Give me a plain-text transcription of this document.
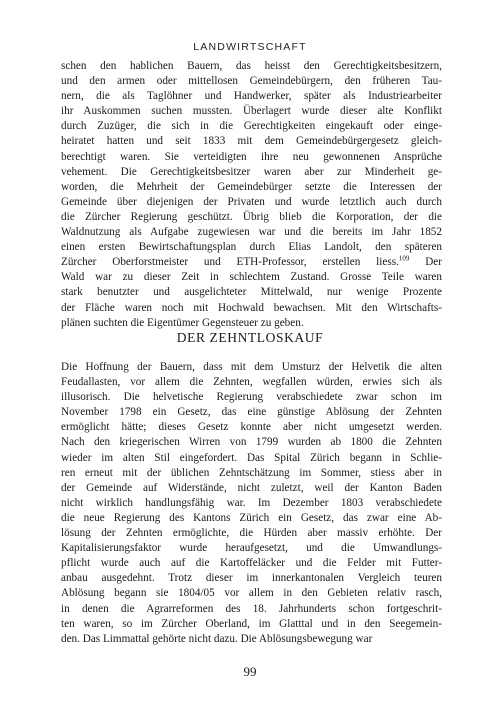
LANDWIRTSCHAFT
schen den hablichen Bauern, das heisst den Gerechtigkeitsbesitzern,
und den armen oder mittellosen Gemeindebürgern, den früheren Tau-
nern, die als Taglöhner und Handwerker, später als Industriearbeiter
ihr Auskommen suchen mussten. Überlagert wurde dieser alte Konflikt
durch Zuzüger, die sich in die Gerechtigkeiten eingekauft oder einge-
heiratet hatten und seit 1833 mit dem Gemeindebürgergesetz gleich-
berechtigt waren. Sie verteidigten ihre neu gewonnenen Ansprüche
vehement. Die Gerechtigkeitsbesitzer waren aber zur Minderheit ge-
worden, die Mehrheit der Gemeindebürger setzte die Interessen der
Gemeinde über diejenigen der Privaten und wurde letztlich auch durch
die Zürcher Regierung geschützt. Übrig blieb die Korporation, der die
Waldnutzung als Aufgabe zugewiesen war und die bereits im Jahr 1852
einen ersten Bewirtschaftungsplan durch Elias Landolt, den späteren
Zürcher Oberforstmeister und ETH-Professor, erstellen liess.$^{109}$ Der
Wald war zu dieser Zeit in schlechtem Zustand. Grosse Teile waren
stark benutzter und ausgelichteter Mittelwald, nur wenige Prozente
der Fläche waren noch mit Hochwald bewachsen. Mit den Wirtschafts-
plänen suchten die Eigentümer Gegensteuer zu geben.
DER ZEHNTLOSKAUF
Die Hoffnung der Bauern, dass mit dem Umsturz der Helvetik die alten
Feudallasten, vor allem die Zehnten, wegfallen würden, erwies sich als
illusorisch. Die helvetische Regierung verabschiedete zwar schon im
November 1798 ein Gesetz, das eine günstige Ablösung der Zehnten
ermöglicht hätte; dieses Gesetz konnte aber nicht umgesetzt werden.
Nach den kriegerischen Wirren von 1799 wurden ab 1800 die Zehnten
wieder im alten Stil eingefordert. Das Spital Zürich begann in Schlie-
ren erneut mit der üblichen Zehntschätzung im Sommer, stiess aber in
der Gemeinde auf Widerstände, nicht zuletzt, weil der Kanton Baden
nicht wirklich handlungsfähig war. Im Dezember 1803 verabschiedete
die neue Regierung des Kantons Zürich ein Gesetz, das zwar eine Ab-
lösung der Zehnten ermöglichte, die Hürden aber massiv erhöhte. Der
Kapitalisierungsfaktor wurde heraufgesetzt, und die Umwandlungs-
pflicht wurde auch auf die Kartoffeläcker und die Felder mit Futter-
anbau ausgedehnt. Trotz dieser im innerkantonalen Vergleich teuren
Ablösung begann sie 1804/05 vor allem in den Gebieten relativ rasch,
in denen die Agrarreformen des 18. Jahrhunderts schon fortgeschrit-
ten waren, so im Zürcher Oberland, im Glatttal und in den Seegemein-
den. Das Limmattal gehörte nicht dazu. Die Ablösungsbewegung war
99
